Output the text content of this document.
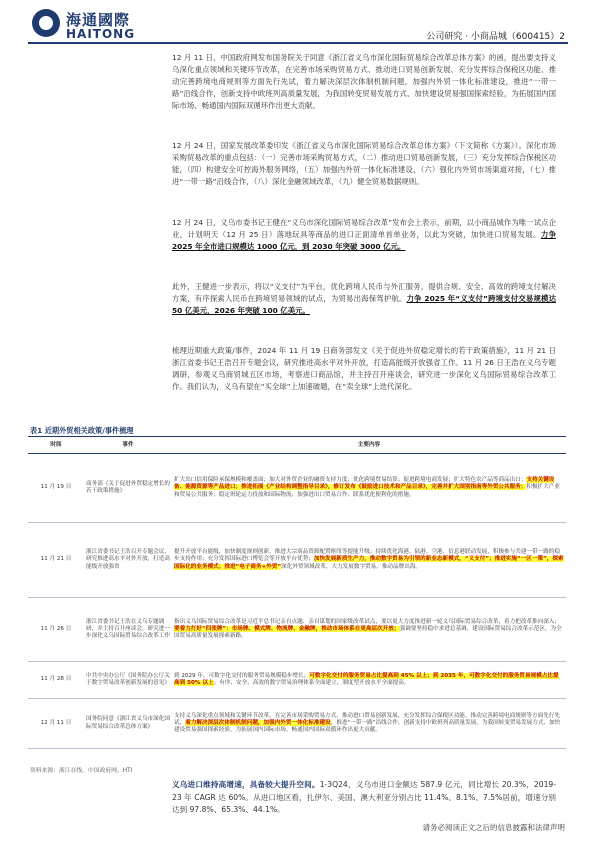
海通國際
HAITONG	公司研究 · 小商品城（600415）2

12 月 11 日，中国政府网发布国务院关于同意《浙江省义乌市深化国际贸易综合改革总体方案》的函，提出要支持义乌深化重点领域和关键环节改革，在完善市场采购贸易方式、推动进口贸易创新发展、充分发挥综合保税区功能、推动完善跨境电商规则等方面先行先试，着力解决深层次体制机制问题，加强内外贸一体化标准建设，推进“一带一路”沿线合作，创新支持中欧班列高质量发展，为我国转变贸易发展方式、加快建设贸易强国探索经验，为拓展国内国际市场、畅通国内国际双循环作出更大贡献。

12 月 24 日，国家发展改革委印发《浙江省义乌市深化国际贸易综合改革总体方案》（下文简称《方案》）。深化市场采购贸易改革的重点包括：（一）完善市场采购贸易方式，（二）推动进口贸易创新发展，（三）充分发挥综合保税区功能，（四）构建安全可控海外服务网络，（五）加强内外贸一体化标准建设，（六）强化内外贸市场渠道对接，（七）推进“一带一路”沿线合作，（八）深化金融领域改革，（九）健全贸易数据规则。

12 月 24 日，义乌市委书记王健在“义乌市深化国际贸易综合改革”发布会上表示，前期，以小商品城作为唯一试点企业，计划明天（12 月 25 日）落地玩具等商品的进口正面清单首单业务，以此为突破，加快进口贸易发展。力争 2025 年全市进口规模达 1000 亿元，到 2030 年突破 3000 亿元。

此外，王健进一步表示，将以“义支付”为平台，优化跨境人民币与外汇服务，提供合规、安全、高效的跨境支付解决方案，有序探索人民币在跨境贸易领域的试点，为贸易出海保驾护航。力争 2025 年“义支付”跨境支付交易规模达 50 亿美元，2026 年突破 100 亿美元。

梳理近期重大政策/事件，2024 年 11 月 19 日商务部发文《关于促进外贸稳定增长的若干政策措施》，11 月 21 日浙江省委书记王浩召开专题会议，研究推进高水平对外开放，打造高能级开放强省工作。11 月 26 日王浩在义乌专题调研，参观义乌商贸城五区市场，考察进口商品馆，并主持召开座谈会，研究进一步深化义乌国际贸易综合改革工作。我们认为，义乌有望在“买全球”上加速破题，在“卖全球”上迭代深化。

表1 近期外贸相关政策/事件梳理
时间	事件	主要内容
11 月 19 日	商务部《关于促进外贸稳定增长的若干政策措施》	扩大出口信用保险承保规模和覆盖面；加大对外贸企业的融资支持力度；优化跨境贸易结算；促进跨境电商发展；扩大特色农产品等商品出口；支持关键设备、能源资源等产品进口；推进拓展《产业结构调整指导目录》，修订发布《鼓励进口技术和产品目录》，完善并扩大国别指南等外贸公共服务；积极扩大产业和贸易公共服务；稳定班轮运力投放和国际物流；加强进出口贸易合作；联系优化便利化的措施。
11 月 21 日	浙江省委书记王浩召开专题会议，研究推进高水平对外开放，打造高能级开放强省	提升开放平台能级，加快制度规则创新，推进大宗商品资源配置枢纽等提能升级；持续优化海港、陆港、空港、信息港联动发展，积极参与共建一带一路的稳步支持作用；充分发挥国际进口博览会等开放平台优势；加快发展新质生产力，推动数字贸易为引领的新业态新模式，“义支付”；推进实施“一区一策”，探索国际化的业务模式；推进“电子商务+外贸”深化外贸领域改革，大力发展数字贸易，推动品牌出海。
11 月 26 日	浙江省委书记王浩在义乌专题调研，并主持召开座谈会，研究进一步深化义乌国际贸易综合改革工作	指出义乌国际贸易综合改革是习近平总书记亲自点题、亲自谋划的国家级改革试点，要以更大力度推进新一轮义乌国际贸易综合改革，着力把改革推向深入；要着力打好“四张牌”：市场牌、模式牌、物流牌、金融牌，推动市场体系在更高层次开放；强调要坚持稳中求进总基调，建设国际贸易综合改革示范区，为全国贸易高质量发展探索新路。
11 月 28 日	中共中央办公厅《国务院办公厅关于数字贸易改革创新发展的意见》	到 2029 年，可数字化交付的服务贸易规模稳步增长；可数字化交付的服务贸易占比提高到 45% 以上；到 2035 年，可数字化交付的服务贸易规模占比提高到 50% 以上；有序、安全、高效的数字贸易治理体系全面建立，制度型开放水平全面提高。
12 月 11 日	国务院同意《浙江省义乌市深化国际贸易综合改革总体方案》	支持义乌深化重点领域和关键环节改革，在完善市场采购贸易方式、推动进口贸易创新发展、充分发挥综合保税区功能、推动完善跨境电商规则等方面先行先试，着力解决深层次体制机制问题，加强内外贸一体化标准建设，推进“一带一路”沿线合作，创新支持中欧班列高质量发展，为我国转变贸易发展方式、加快建设贸易强国探索经验，为拓展国内国际市场、畅通国内国际双循环作出更大贡献。
资料来源：浙江在线，中国政府网，HTI

义乌进口维持高增速，具备较大提升空间。1-3Q24，义乌市进口金额达 587.9 亿元，同比增长 20.3%，2019-23 年 CAGR 达 60%。从进口地区看，扎伊尔、美国、澳大利亚分别占比 11.4%、8.1%、7.5%居前，增速分别达到 97.8%、65.3%、44.1%。

请务必阅读正文之后的信息披露和法律声明
